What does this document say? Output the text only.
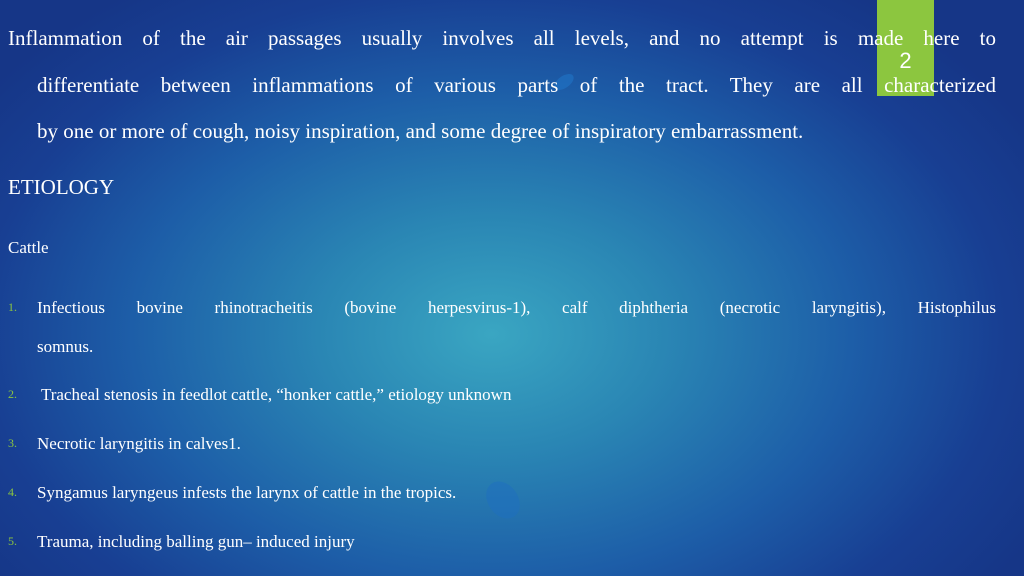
2
Inflammation of the air passages usually involves all levels, and no attempt is made here to
differentiate between inflammations of various parts of the tract. They are all characterized
by one or more of cough, noisy inspiration, and some degree of inspiratory embarrassment.
ETIOLOGY
Cattle
1. Infectious bovine rhinotracheitis (bovine herpesvirus-1), calf diphtheria (necrotic laryngitis), Histophilus
somnus.
2. Tracheal stenosis in feedlot cattle, “honker cattle,” etiology unknown
3. Necrotic laryngitis in calves1.
4. Syngamus laryngeus infests the larynx of cattle in the tropics.
5. Trauma, including balling gun– induced injury
